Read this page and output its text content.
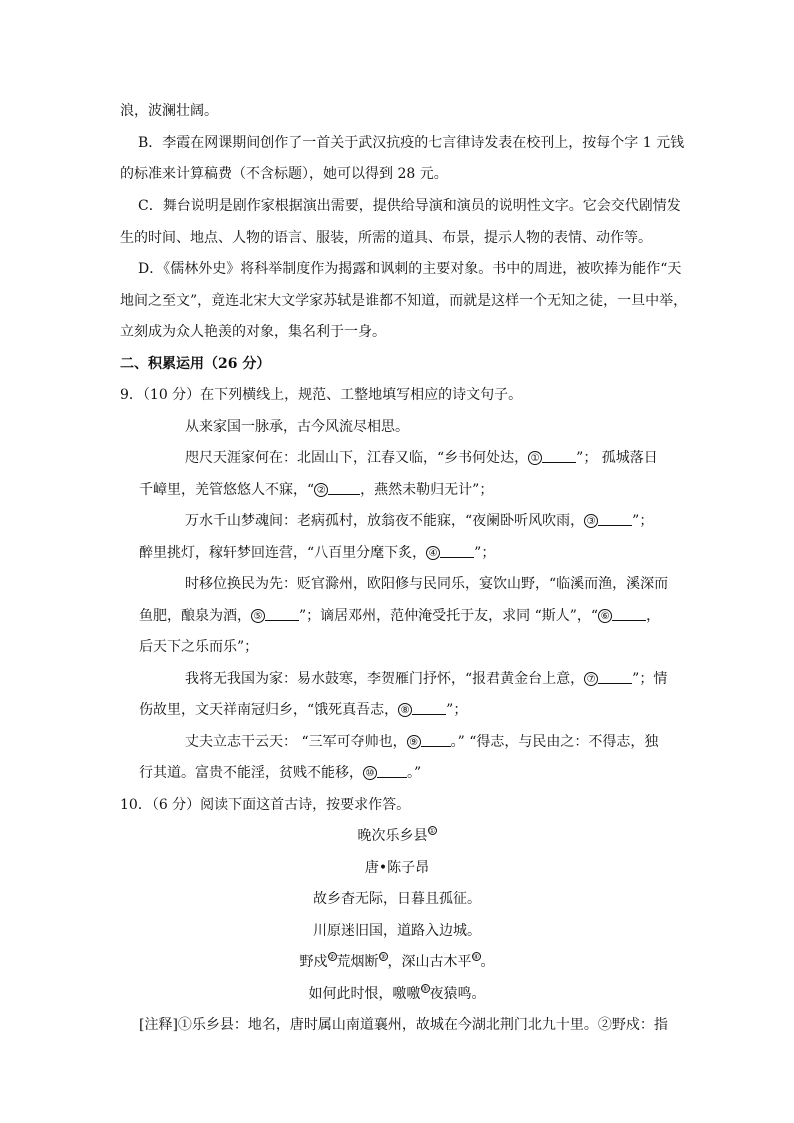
浪，波澜壮阔。
B．李霞在网课期间创作了一首关于武汉抗疫的七言律诗发表在校刊上，按每个字 1 元钱
的标准来计算稿费（不含标题），她可以得到 28 元。
C．舞台说明是剧作家根据演出需要，提供给导演和演员的说明性文字。它会交代剧情发
生的时间、地点、人物的语言、服装，所需的道具、布景，提示人物的表情、动作等。
D．《儒林外史》将科举制度作为揭露和讽刺的主要对象。书中的周进，被吹捧为能作“天
地间之至文”，竟连北宋大文学家苏轼是谁都不知道，而就是这样一个无知之徒，一旦中举，
立刻成为众人艳羡的对象，集名利于一身。
二、积累运用（26 分）
9．（10 分）在下列横线上，规范、工整地填写相应的诗文句子。
从来家国一脉承，古今风流尽相思。
咫尺天涯家何在：北固山下，江春又临，“乡书何处达， ①	”； 孤城落日
千嶂里，羌管悠悠人不寐，“ ② ，燕然未勒归无计”；
万水千山梦魂间：老病孤村，放翁夜不能寐，“夜阑卧听风吹雨， ③	”；
醉里挑灯，稼轩梦回连营，“八百里分麾下炙， ④	”；
时移位换民为先：贬官滁州，欧阳修与民同乐，宴饮山野，“临溪而渔，溪深而
鱼肥，酿泉为酒， ⑤	”；谪居邓州，范仲淹受托于友，求同 “斯人”，“ ⑥	，
后天下之乐而乐”；
我将无我国为家：易水鼓寒，李贺雁门抒怀，“报君黄金台上意， ⑦	”；情
伤故里，文天祥南冠归乡，“饿死真吾志， ⑧	”；
丈夫立志干云天： “三军可夺帅也， ⑨ 。” “得志，与民由之：不得志，独
行其道。富贵不能淫，贫贱不能移， ⑩ 。”
10．（6 分）阅读下面这首古诗，按要求作答。
晚次乐乡县①
唐•陈子昂
故乡杳无际，日暮且孤征。
川原迷旧国，道路入边城。
野戍②荒烟断③，深山古木平④。
如何此时恨，噭噭⑤夜猿鸣。
[注释]①乐乡县：地名，唐时属山南道襄州，故城在今湖北荆门北九十里。②野戍：指
